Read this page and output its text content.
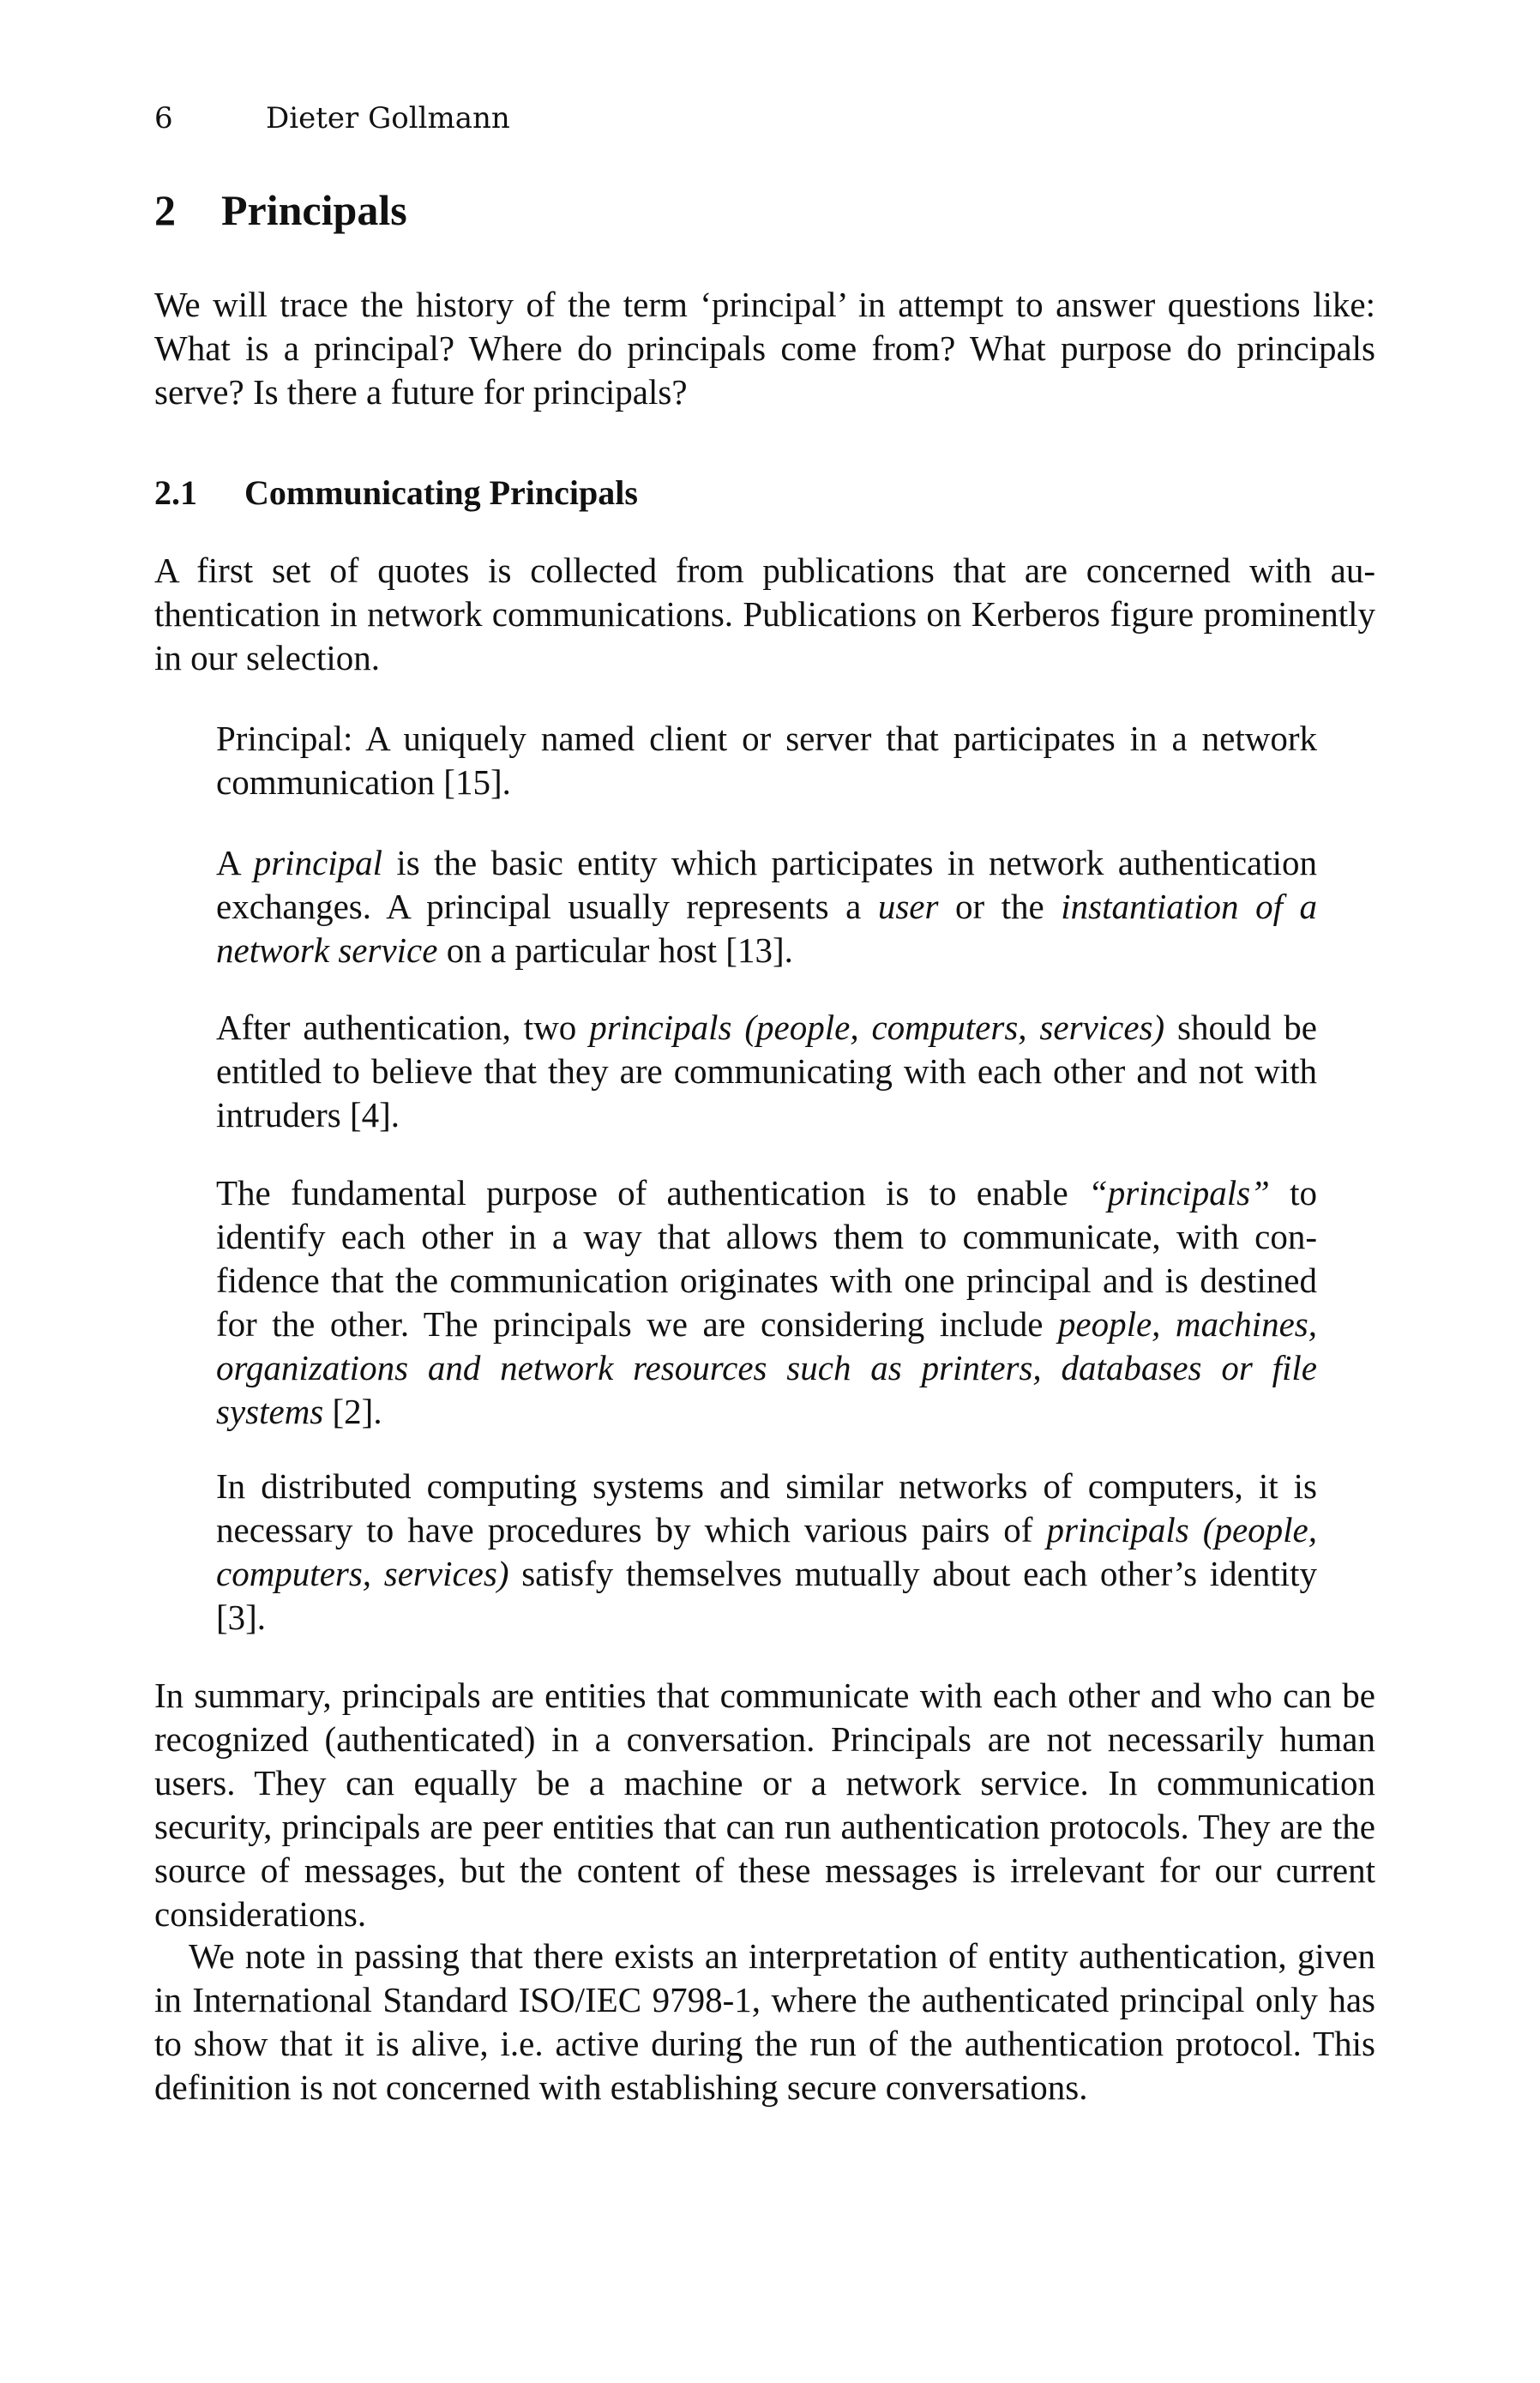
6	Dieter Gollmann
2 Principals

We will trace the history of the term ‘principal’ in attempt to answer questions like: What is a principal? Where do principals come from? What purpose do principals serve? Is there a future for principals?

2.1 Communicating Principals

A first set of quotes is collected from publications that are concerned with authentication in network communications. Publications on Kerberos figure prominently in our selection.

Principal: A uniquely named client or server that participates in a network communication [15].

A principal is the basic entity which participates in network authentication exchanges. A principal usually represents a user or the instantiation of a network service on a particular host [13].

After authentication, two principals (people, computers, services) should be entitled to believe that they are communicating with each other and not with intruders [4].

The fundamental purpose of authentication is to enable “principals” to identify each other in a way that allows them to communicate, with confidence that the communication originates with one principal and is destined for the other. The principals we are considering include people, machines, organizations and network resources such as printers, databases or file systems [2].

In distributed computing systems and similar networks of computers, it is necessary to have procedures by which various pairs of principals (people, computers, services) satisfy themselves mutually about each other’s identity [3].

In summary, principals are entities that communicate with each other and who can be recognized (authenticated) in a conversation. Principals are not necessarily human users. They can equally be a machine or a network service. In communication security, principals are peer entities that can run authentication protocols. They are the source of messages, but the content of these messages is irrelevant for our current considerations.

We note in passing that there exists an interpretation of entity authentication, given in International Standard ISO/IEC 9798-1, where the authenticated principal only has to show that it is alive, i.e. active during the run of the authentication protocol. This definition is not concerned with establishing secure conversations.
